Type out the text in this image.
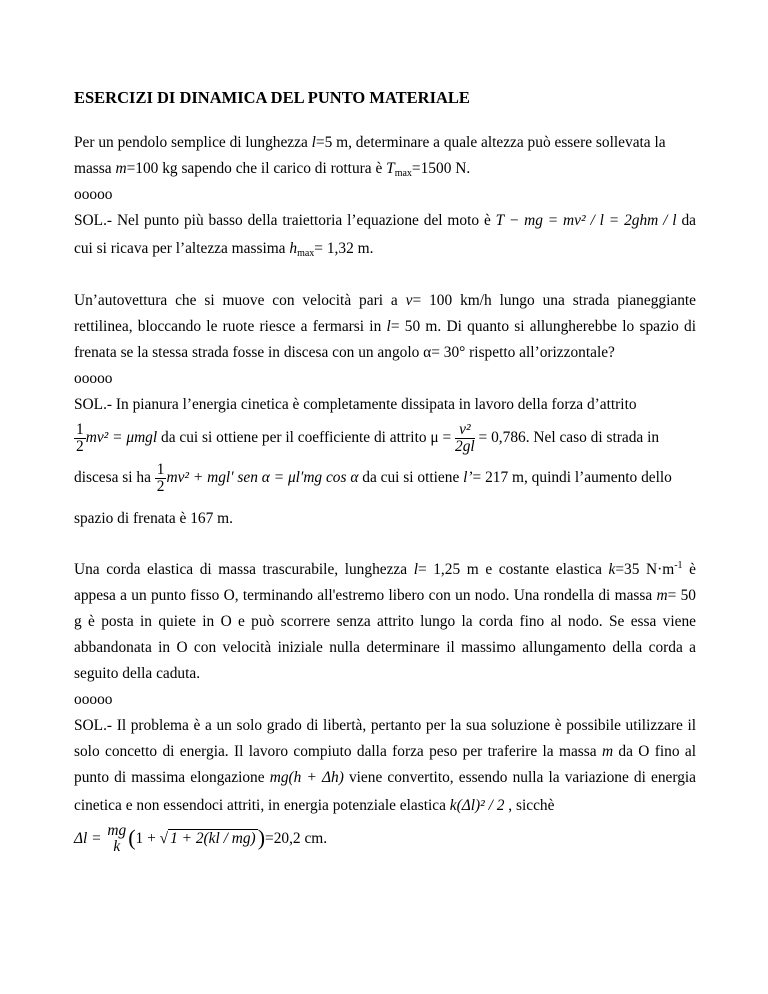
ESERCIZI DI DINAMICA DEL PUNTO MATERIALE
Per un pendolo semplice di lunghezza l=5 m, determinare a quale altezza può essere sollevata la
massa m=100 kg sapendo che il carico di rottura è $T_{max}=1500$ N.
ooooo
SOL.- Nel punto più basso della traiettoria l’equazione del moto è T − mg = mv² / l = 2ghm / l da
cui si ricava per l’altezza massima $h_{max}= 1,32$ m.
Un’autovettura che si muove con velocità pari a v= 100 km/h lungo una strada pianeggiante
rettilinea, bloccando le ruote riesce a fermarsi in l= 50 m. Di quanto si allungherebbe lo spazio di
frenata se la stessa strada fosse in discesa con un angolo α= 30° rispetto all’orizzontale?
ooooo
SOL.- In pianura l’energia cinetica è completamente dissipata in lavoro della forza d’attrito
$\frac{1}{2} mv^2 = \mu mgl$ da cui si ottiene per il coefficiente di attrito $\mu = \frac{\text{v²}}{2gl} = 0,786$. Nel caso di strada in
discesa si ha $\frac{1}{2} mv^2 + mgl'$ sen α = μl′mg cos α da cui si ottiene l’= 217 m, quindi l’aumento dello
spazio di frenata è 167 m.
Una corda elastica di massa trascurabile, lunghezza l= 1,25 m e costante elastica k=35 $N\cdot m^{-1}$ è
appesa a un punto fisso O, terminando all'estremo libero con un nodo. Una rondella di massa m= 50
g è posta in quiete in O e può scorrere senza attrito lungo la corda fino al nodo. Se essa viene
abbandonata in O con velocità iniziale nulla determinare il massimo allungamento della corda a
seguito della caduta.
ooooo
SOL.- Il problema è a un solo grado di libertà, pertanto per la sua soluzione è possibile utilizzare il
solo concetto di energia. Il lavoro compiuto dalla forza peso per traferire la massa m da O fino al
punto di massima elongazione mg(h + Δh) viene convertito, essendo nulla la variazione di energia
cinetica e non essendoci attriti, in energia potenziale elastica k(Δl)² / 2 , sicchè
Δl = mg
k (1 + √ 1 + 2(kl / mg))=20,2 cm.
